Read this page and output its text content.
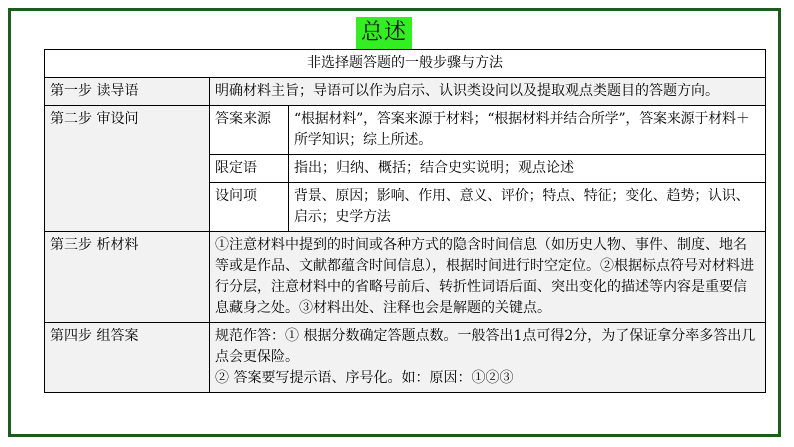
总述
非选择题答题的一般步骤与方法		
第一步 读导语	明确材料主旨；导语可以作为启示、认识类设问以及提取观点类题目的答题方向。	
第二步 审设问	答案来源	“根据材料”，答案来源于材料；“根据材料并结合所学”，答案来源于材料＋所学知识；综上所述。
	限定语	指出；归纳、概括；结合史实说明；观点论述
	设问项	背景、原因；影响、作用、意义、评价；特点、特征；变化、趋势；认识、启示；史学方法
第三步 析材料	①注意材料中提到的时间或各种方式的隐含时间信息（如历史人物、事件、制度、地名等或是作品、文献都蕴含时间信息），根据时间进行时空定位。②根据标点符号对材料进行分层，注意材料中的省略号前后、转折性词语后面、突出变化的描述等内容是重要信息藏身之处。③材料出处、注释也会是解题的关键点。	
第四步 组答案	规范作答：① 根据分数确定答题点数。一般答出1点可得2分，为了保证拿分率多答出几点会更保险。
② 答案要写提示语、序号化。如：原因：①②③	
